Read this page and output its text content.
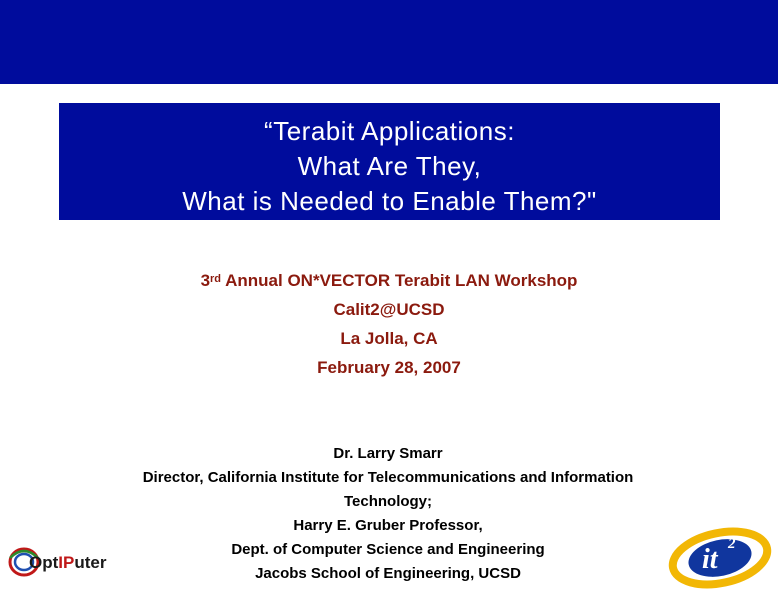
“Terabit Applications:
What Are They,
What is Needed to Enable Them?"
3rd Annual ON*VECTOR Terabit LAN Workshop
Calit2@UCSD
La Jolla, CA
February 28, 2007
Dr. Larry Smarr
Director, California Institute for Telecommunications and Information Technology;
Harry E. Gruber Professor,
Dept. of Computer Science and Engineering
Jacobs School of Engineering, UCSD
OptIPuter	it 2
